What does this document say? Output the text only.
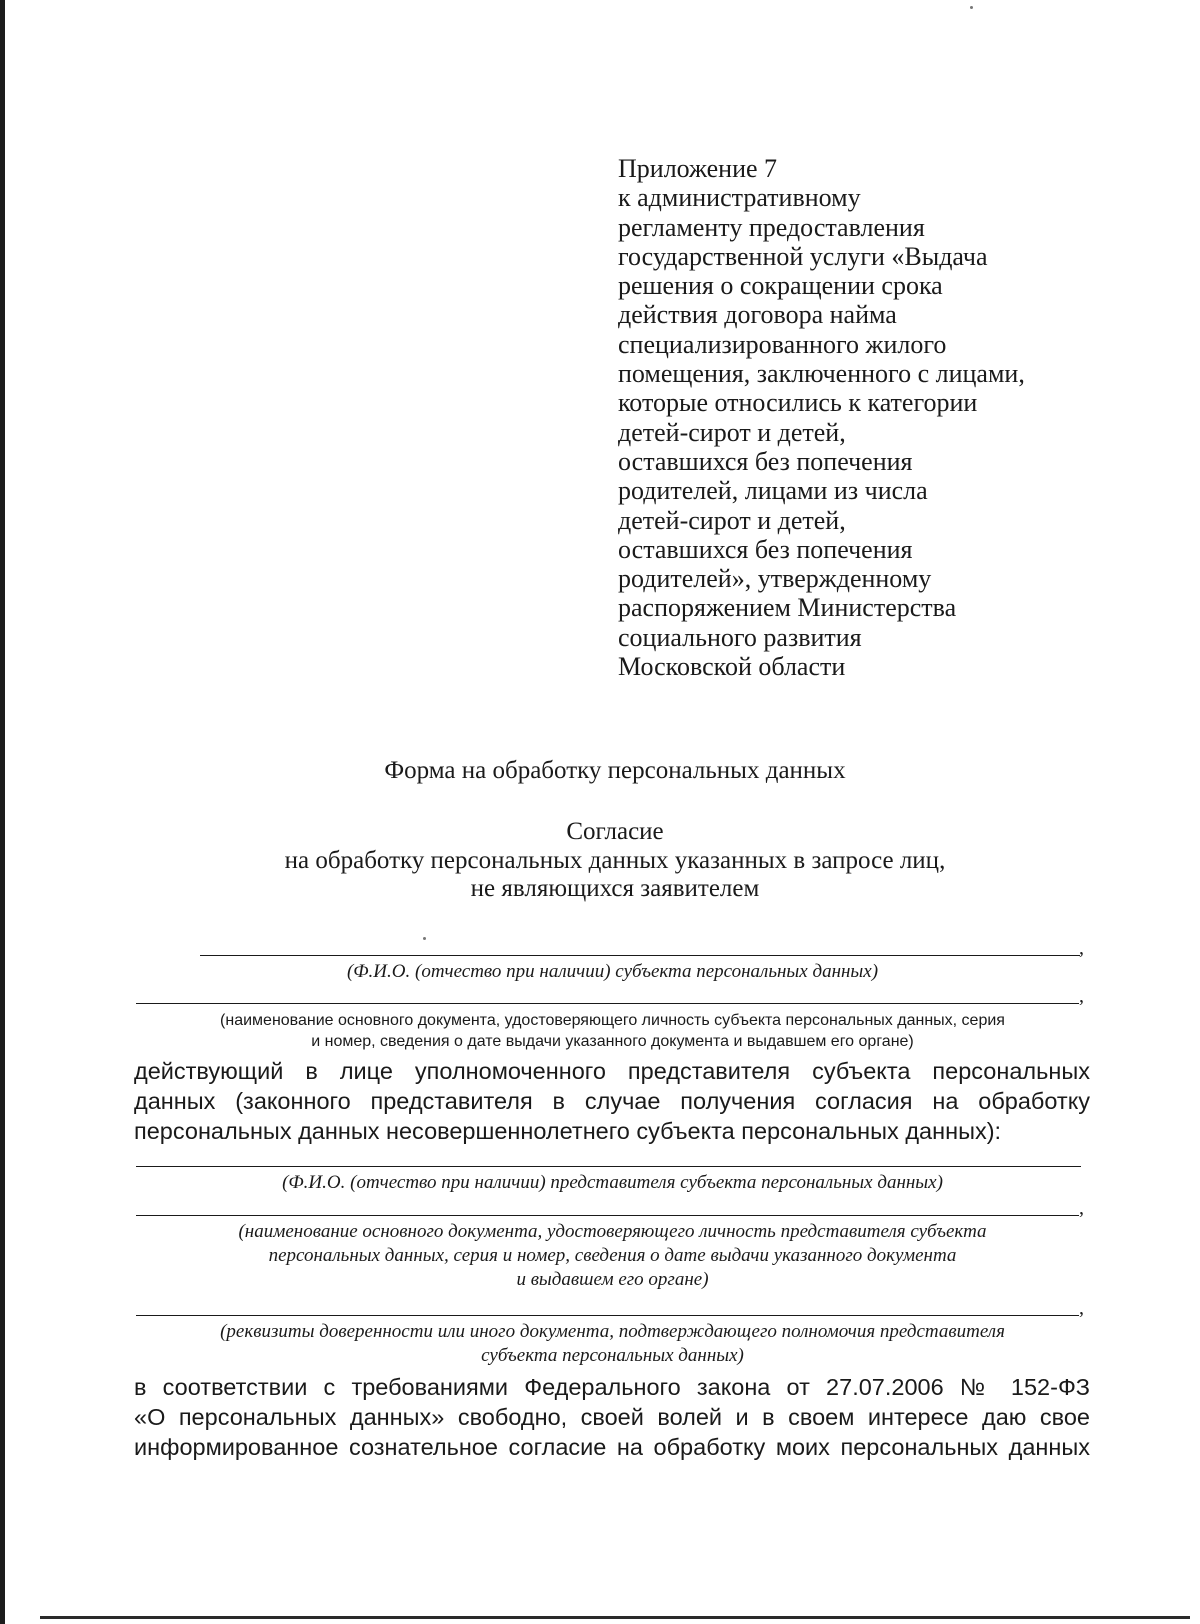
Приложение 7
к административному
регламенту предоставления
государственной услуги «Выдача
решения о сокращении срока
действия договора найма
специализированного жилого
помещения, заключенного с лицами,
которые относились к категории
детей-сирот и детей,
оставшихся без попечения
родителей, лицами из числа
детей-сирот и детей,
оставшихся без попечения
родителей», утвержденному
распоряжением Министерства
социального развития
Московской области
Форма на обработку персональных данных
Согласие
на обработку персональных данных указанных в запросе лиц,
не являющихся заявителем
,
(Ф.И.О. (отчество при наличии) субъекта персональных данных)
,
(наименование основного документа, удостоверяющего личность субъекта персональных данных, серия
и номер, сведения о дате выдачи указанного документа и выдавшем его органе)
действующий в лице уполномоченного представителя субъекта персональных
данных (законного представителя в случае получения согласия на обработку
персональных данных несовершеннолетнего субъекта персональных данных):
(Ф.И.О. (отчество при наличии) представителя субъекта персональных данных)
,
(наименование основного документа, удостоверяющего личность представителя субъекта
персональных данных, серия и номер, сведения о дате выдачи указанного документа
и выдавшем его органе)
,
(реквизиты доверенности или иного документа, подтверждающего полномочия представителя
субъекта персональных данных)
в соответствии с требованиями Федерального закона от 27.07.2006 № 152-ФЗ
«О персональных данных» свободно, своей волей и в своем интересе даю свое
информированное сознательное согласие на обработку моих персональных данных
